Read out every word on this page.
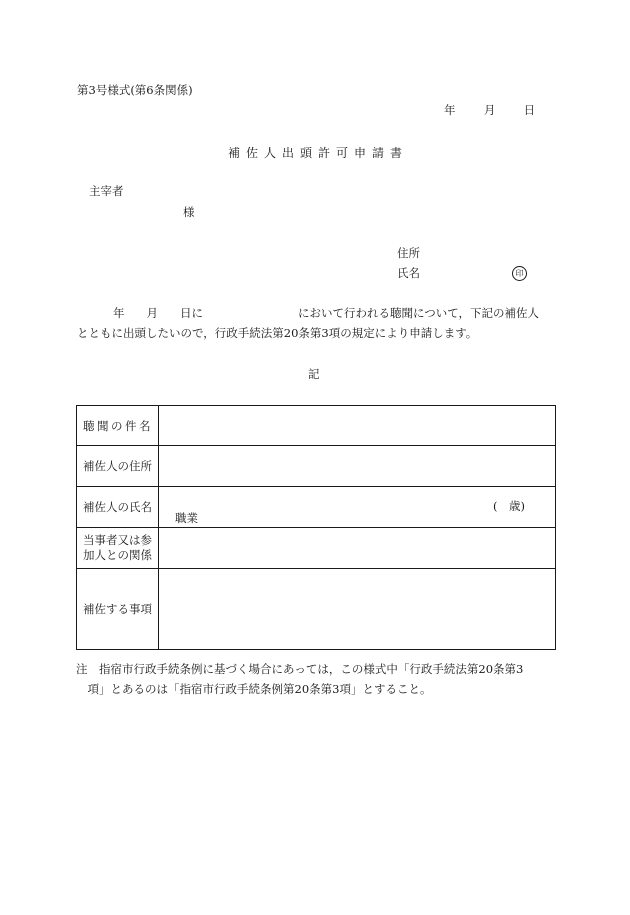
第3号様式(第6条関係)
年 月 日
補佐人出頭許可申請書
主宰者
様
住所
氏名	印
年 月 日に	において行われる聴聞について，下記の補佐人
とともに出頭したいので，行政手続法第20条第3項の規定により申請します。
記
聴聞の件名	
補佐人の住所	
補佐人の氏名	(　歳)
職業

当事者又は参
加人との関係	

補佐する事項	
注　指宿市行政手続条例に基づく場合にあっては，この様式中「行政手続法第20条第3
　項」とあるのは「指宿市行政手続条例第20条第3項」とすること。
